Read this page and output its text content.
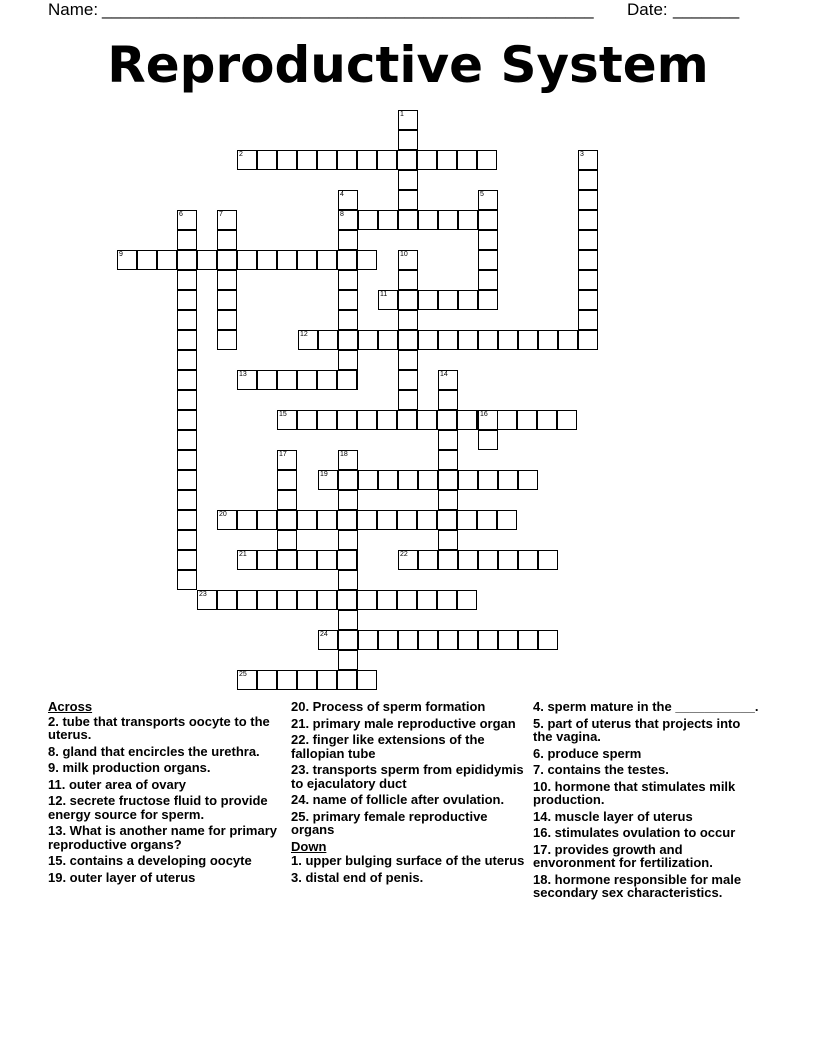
Name: ____________________________________________________ Date: _______
Reproductive System
1
2	3
4
8
5
6	7
9	10
11
12
13	14
15	16
17	18
19
20
21	22
23
24
25
Across
2. tube that transports oocyte to the uterus.
8. gland that encircles the urethra.
9. milk production organs.
11. outer area of ovary
12. secrete fructose fluid to provide energy source for sperm.
13. What is another name for primary reproductive organs?
15. contains a developing oocyte
19. outer layer of uterus
20. Process of sperm formation
21. primary male reproductive organ
22. finger like extensions of the fallopian tube
23. transports sperm from epididymis to ejaculatory duct
24. name of follicle after ovulation.
25. primary female reproductive organs
Down
1. upper bulging surface of the uterus
3. distal end of penis.
4. sperm mature in the ___________.
5. part of uterus that projects into the vagina.
6. produce sperm
7. contains the testes.
10. hormone that stimulates milk production.
14. muscle layer of uterus
16. stimulates ovulation to occur
17. provides growth and envoronment for fertilization.
18. hormone responsible for male secondary sex characteristics.
